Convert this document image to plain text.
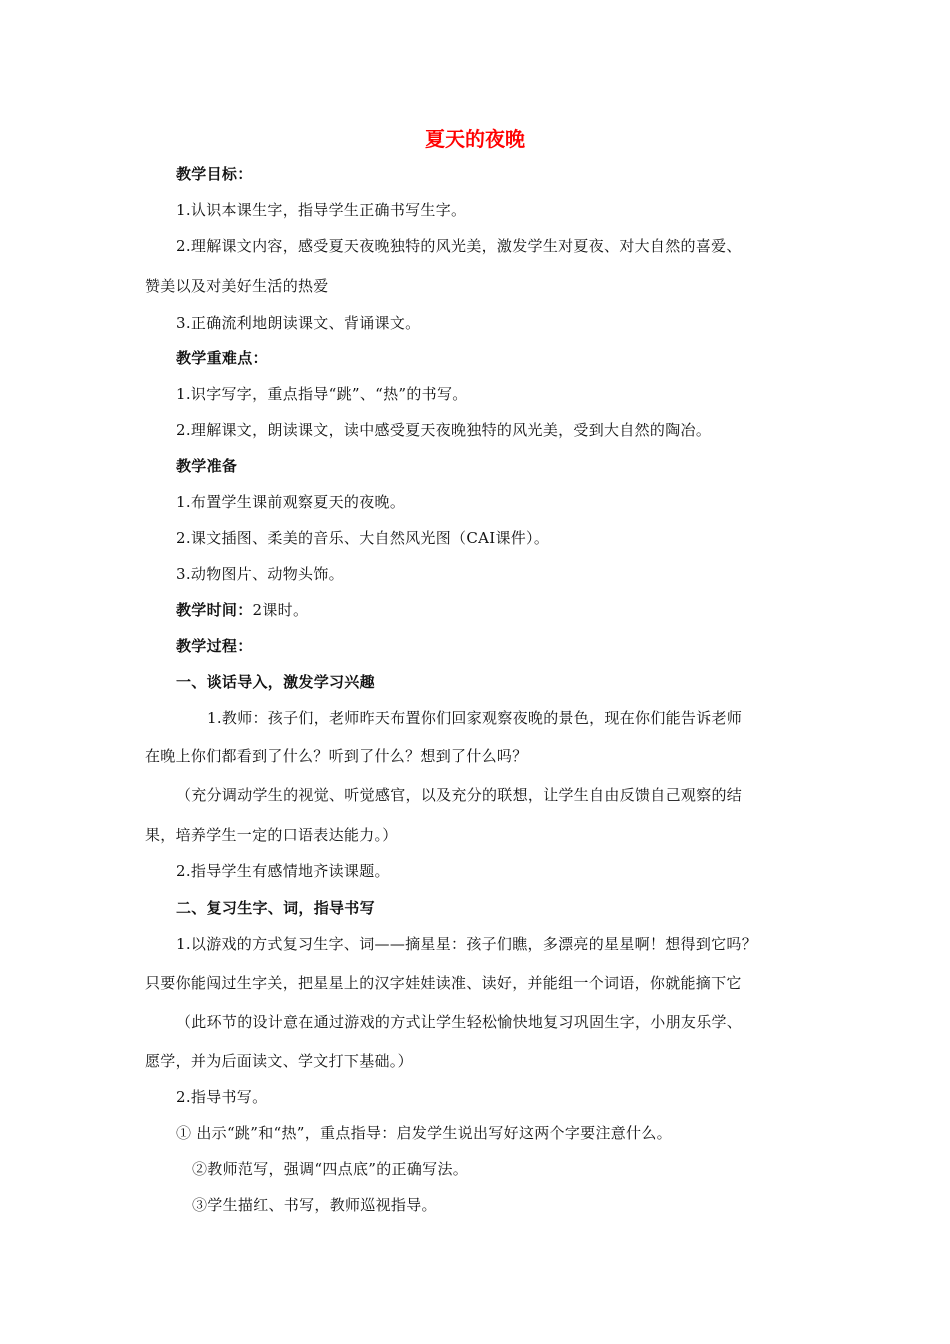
夏天的夜晚
教学目标：
1.认识本课生字，指导学生正确书写生字。
2.理解课文内容，感受夏天夜晚独特的风光美，激发学生对夏夜、对大自然的喜爱、
赞美以及对美好生活的热爱
3.正确流利地朗读课文、背诵课文。
教学重难点：
1.识字写字，重点指导“跳”、“热”的书写。
2.理解课文，朗读课文，读中感受夏天夜晚独特的风光美，受到大自然的陶冶。
教学准备
1.布置学生课前观察夏天的夜晚。
2.课文插图、柔美的音乐、大自然风光图（CAI课件）。
3.动物图片、动物头饰。
教学时间：2课时。
教学过程：
一、谈话导入，激发学习兴趣
1.教师：孩子们，老师昨天布置你们回家观察夜晚的景色，现在你们能告诉老师
在晚上你们都看到了什么？听到了什么？想到了什么吗？
（充分调动学生的视觉、听觉感官，以及充分的联想，让学生自由反馈自己观察的结
果，培养学生一定的口语表达能力。）
2.指导学生有感情地齐读课题。
二、复习生字、词，指导书写
1.以游戏的方式复习生字、词——摘星星：孩子们瞧，多漂亮的星星啊！想得到它吗？
只要你能闯过生字关，把星星上的汉字娃娃读准、读好，并能组一个词语，你就能摘下它
（此环节的设计意在通过游戏的方式让学生轻松愉快地复习巩固生字，小朋友乐学、
愿学，并为后面读文、学文打下基础。）
2.指导书写。
① 出示“跳”和“热”，重点指导：启发学生说出写好这两个字要注意什么。
②教师范写，强调“四点底”的正确写法。
③学生描红、书写，教师巡视指导。
